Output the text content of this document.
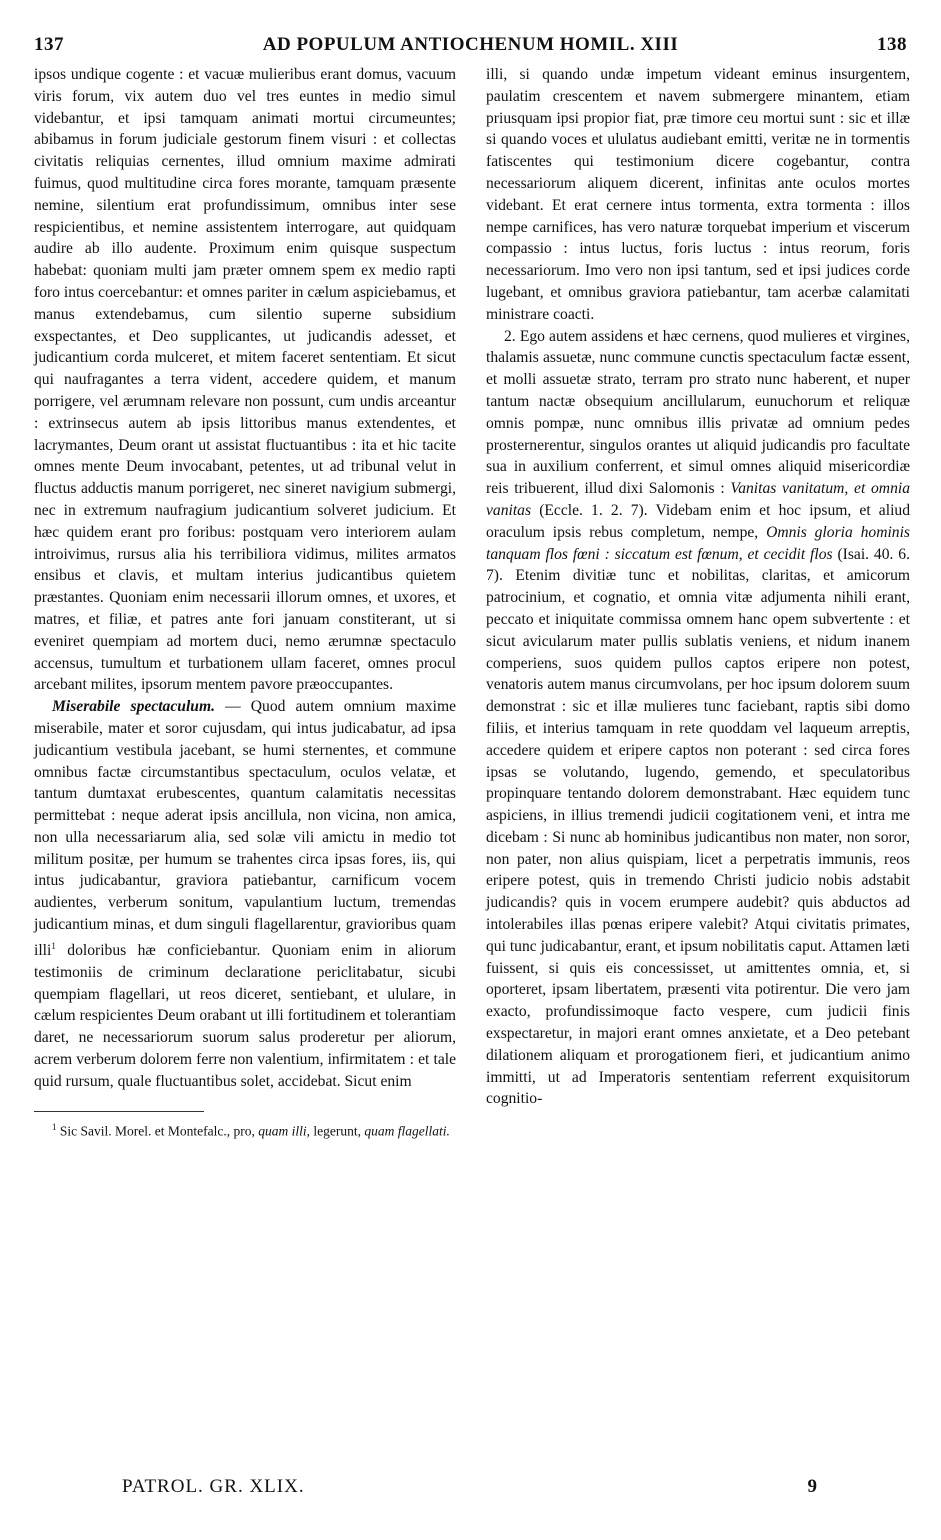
137	AD POPULUM ANTIOCHENUM HOMIL. XIII	138

ipsos undique cogente : et vacuæ mulieribus erant domus, vacuum viris forum, vix autem duo vel tres euntes in medio simul videbantur, et ipsi tamquam animati mortui circumeuntes; abibamus in forum judiciale gestorum finem visuri : et collectas civitatis reliquias cernentes, illud omnium maxime admirati fuimus, quod multitudine circa fores morante, tamquam præsente nemine, silentium erat profundissimum, omnibus inter sese respicientibus, et nemine assistentem interrogare, aut quidquam audire ab illo audente. Proximum enim quisque suspectum habebat: quoniam multi jam præter omnem spem ex medio rapti foro intus coercebantur: et omnes pariter in cælum aspiciebamus, et manus extendebamus, cum silentio superne subsidium exspectantes, et Deo supplicantes, ut judicandis adesset, et judicantium corda mulceret, et mitem faceret sententiam. Et sicut qui naufragantes a terra vident, accedere quidem, et manum porrigere, vel ærumnam relevare non possunt, cum undis arceantur : extrinsecus autem ab ipsis littoribus manus extendentes, et lacrymantes, Deum orant ut assistat fluctuantibus : ita et hic tacite omnes mente Deum invocabant, petentes, ut ad tribunal velut in fluctus adductis manum porrigeret, nec sineret navigium submergi, nec in extremum naufragium judicantium solveret judicium. Et hæc quidem erant pro foribus: postquam vero interiorem aulam introivimus, rursus alia his terribiliora vidimus, milites armatos ensibus et clavis, et multam interius judicantibus quietem præstantes. Quoniam enim necessarii illorum omnes, et uxores, et matres, et filiæ, et patres ante fori januam constiterant, ut si eveniret quempiam ad mortem duci, nemo ærumnæ spectaculo accensus, tumultum et turbationem ullam faceret, omnes procul arcebant milites, ipsorum mentem pavore præoccupantes.

Miserabile spectaculum. — Quod autem omnium maxime miserabile, mater et soror cujusdam, qui intus judicabatur, ad ipsa judicantium vestibula jacebant, se humi sternentes, et commune omnibus factæ circumstantibus spectaculum, oculos velatæ, et tantum dumtaxat erubescentes, quantum calamitatis necessitas permittebat : neque aderat ipsis ancillula, non vicina, non amica, non ulla necessariarum alia, sed solæ vili amictu in medio tot militum positæ, per humum se trahentes circa ipsas fores, iis, qui intus judicabantur, graviora patiebantur, carnificum vocem audientes, verberum sonitum, vapulantium luctum, tremendas judicantium minas, et dum singuli flagellarentur, gravioribus quam illi$^1$ doloribus hæ conficiebantur. Quoniam enim in aliorum testimoniis de criminum declaratione periclitabatur, sicubi quempiam flagellari, ut reos diceret, sentiebant, et ululare, in cælum respicientes Deum orabant ut illi fortitudinem et tolerantiam daret, ne necessariorum suorum salus proderetur per aliorum, acrem verberum dolorem ferre non valentium, infirmitatem : et tale quid rursum, quale fluctuantibus solet, accidebat. Sicut enim

$^1$ Sic Savil. Morel. et Montefalc., pro, quam illi, legerunt, quam flagellati.

illi, si quando undæ impetum videant eminus insurgentem, paulatim crescentem et navem submergere minantem, etiam priusquam ipsi propior fiat, præ timore ceu mortui sunt : sic et illæ si quando voces et ululatus audiebant emitti, veritæ ne in tormentis fatiscentes qui testimonium dicere cogebantur, contra necessariorum aliquem dicerent, infinitas ante oculos mortes videbant. Et erat cernere intus tormenta, extra tormenta : illos nempe carnifices, has vero naturæ torquebat imperium et viscerum compassio : intus luctus, foris luctus : intus reorum, foris necessariorum. Imo vero non ipsi tantum, sed et ipsi judices corde lugebant, et omnibus graviora patiebantur, tam acerbæ calamitati ministrare coacti.

2. Ego autem assidens et hæc cernens, quod mulieres et virgines, thalamis assuetæ, nunc commune cunctis spectaculum factæ essent, et molli assuetæ strato, terram pro strato nunc haberent, et nuper tantum nactæ obsequium ancillularum, eunuchorum et reliquæ omnis pompæ, nunc omnibus illis privatæ ad omnium pedes prosternerentur, singulos orantes ut aliquid judicandis pro facultate sua in auxilium conferrent, et simul omnes aliquid misericordiæ reis tribuerent, illud dixi Salomonis : Vanitas vanitatum, et omnia vanitas (Eccle. 1. 2. 7). Videbam enim et hoc ipsum, et aliud oraculum ipsis rebus completum, nempe, Omnis gloria hominis tanquam flos fœni : siccatum est fœnum, et cecidit flos (Isai. 40. 6. 7). Etenim divitiæ tunc et nobilitas, claritas, et amicorum patrocinium, et cognatio, et omnia vitæ adjumenta nihili erant, peccato et iniquitate commissa omnem hanc opem subvertente : et sicut avicularum mater pullis sublatis veniens, et nidum inanem comperiens, suos quidem pullos captos eripere non potest, venatoris autem manus circumvolans, per hoc ipsum dolorem suum demonstrat : sic et illæ mulieres tunc faciebant, raptis sibi domo filiis, et interius tamquam in rete quoddam vel laqueum arreptis, accedere quidem et eripere captos non poterant : sed circa fores ipsas se volutando, lugendo, gemendo, et speculatoribus propinquare tentando dolorem demonstrabant. Hæc equidem tunc aspiciens, in illius tremendi judicii cogitationem veni, et intra me dicebam : Si nunc ab hominibus judicantibus non mater, non soror, non pater, non alius quispiam, licet a perpetratis immunis, reos eripere potest, quis in tremendo Christi judicio nobis adstabit judicandis? quis in vocem erumpere audebit? quis abductos ad intolerabiles illas pœnas eripere valebit? Atqui civitatis primates, qui tunc judicabantur, erant, et ipsum nobilitatis caput. Attamen læti fuissent, si quis eis concessisset, ut amittentes omnia, et, si oporteret, ipsam libertatem, præsenti vita potirentur. Die vero jam exacto, profundissimoque facto vespere, cum judicii finis exspectaretur, in majori erant omnes anxietate, et a Deo petebant dilationem aliquam et prorogationem fieri, et judicantium animo immitti, ut ad Imperatoris sententiam referrent exquisitorum cognitio-

PATROL. GR. XLIX.	9
